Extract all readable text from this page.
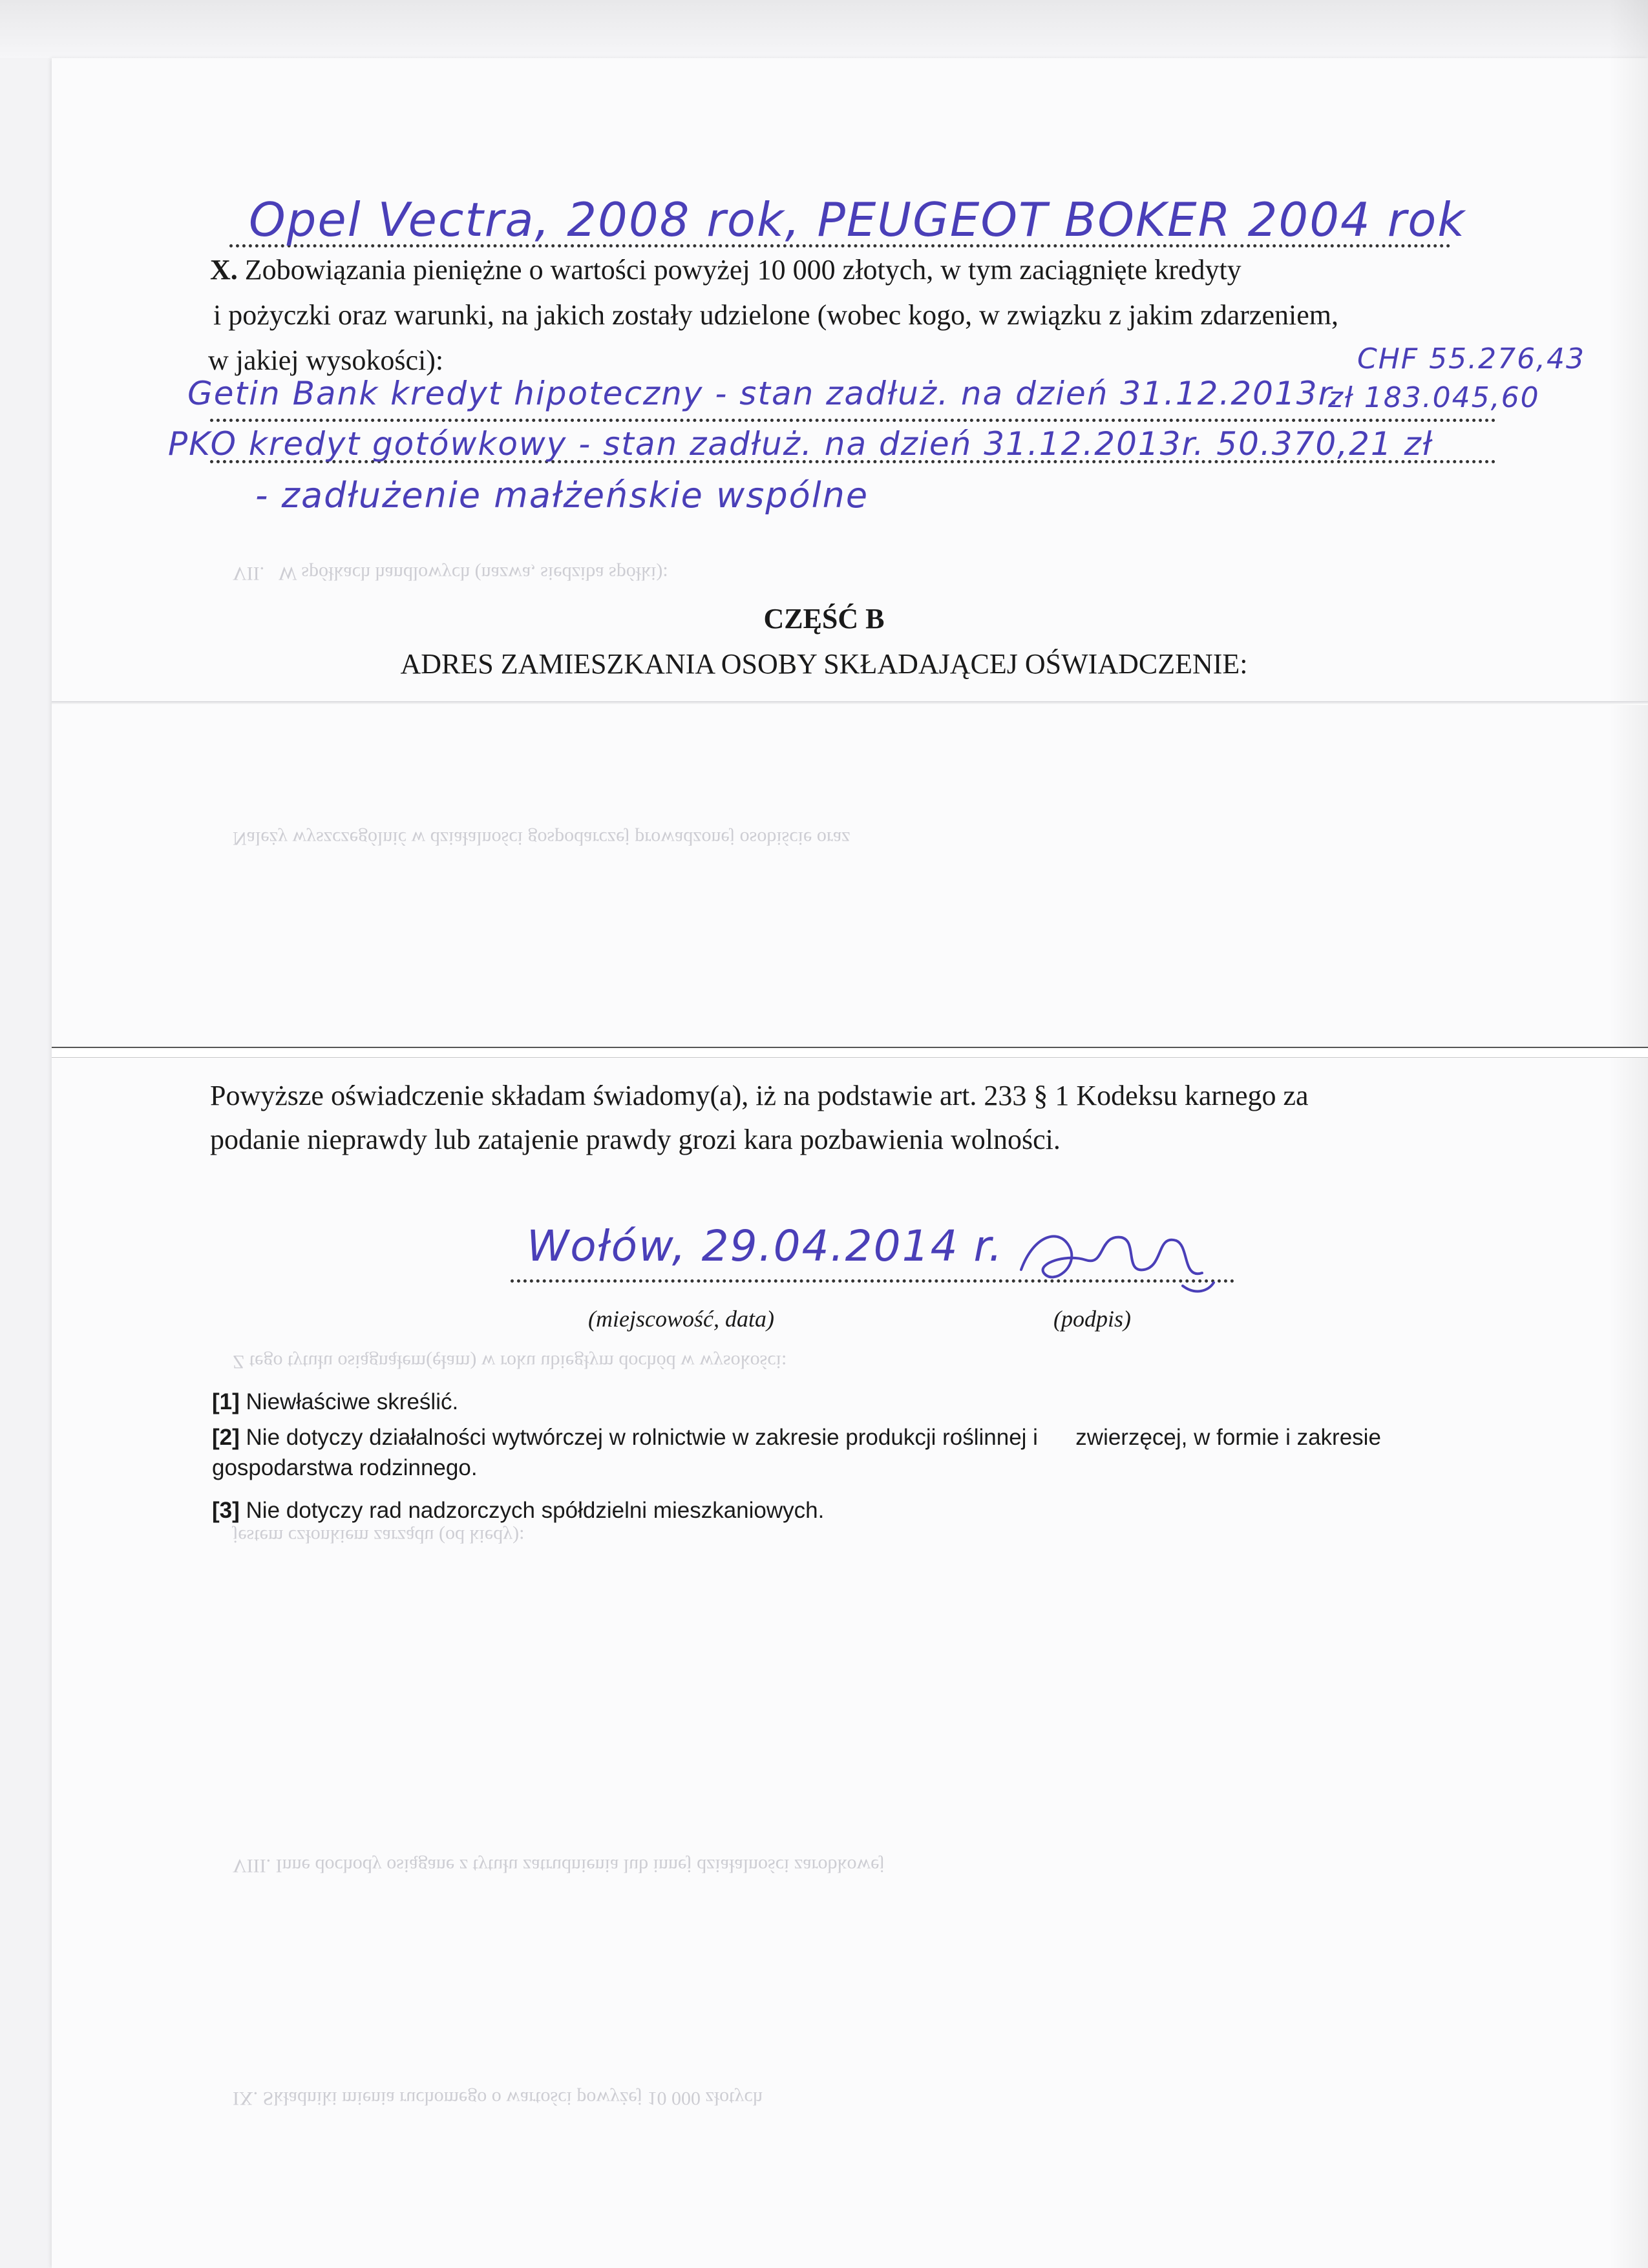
VII.   W spółkach handlowych (nazwa, siedziba spółki):
Należy wyszczególnić w działalności gospodarczej prowadzonej osobiście oraz
Z tego tytułu osiągnąłem(ęłam) w roku ubiegłym dochód w wysokości:
jestem członkiem zarządu (od kiedy):
VIII. Inne dochody osiągane z tytułu zatrudnienia lub innej działalności zarobkowej
IX. Składniki mienia ruchomego o wartości powyżej 10 000 złotych
Opel Vectra, 2008 rok, PEUGEOT BOKER 2004 rok
X. Zobowiązania pieniężne o wartości powyżej 10 000 złotych, w tym zaciągnięte kredyty
i pożyczki oraz warunki, na jakich zostały udzielone (wobec kogo, w związku z jakim zdarzeniem,
w jakiej wysokości):	CHF 55.276,43
Getin Bank kredyt hipoteczny - stan zadłuż. na dzień 31.12.2013r.
zł 183.045,60
PKO kredyt gotówkowy - stan zadłuż. na dzień 31.12.2013r. 50.370,21 zł
- zadłużenie małżeńskie wspólne
CZĘŚĆ B
ADRES ZAMIESZKANIA OSOBY SKŁADAJĄCEJ OŚWIADCZENIE:
Powyższe oświadczenie składam świadomy(a), iż na podstawie art. 233 § 1 Kodeksu karnego za
podanie nieprawdy lub zatajenie prawdy grozi kara pozbawienia wolności.
Wołów, 29.04.2014 r.
(miejscowość, data)	(podpis)
[1] Niewłaściwe skreślić.
[2] Nie dotyczy działalności wytwórczej w rolnictwie w zakresie produkcji roślinnej i      zwierzęcej, w formie i zakresie
gospodarstwa rodzinnego.
[3] Nie dotyczy rad nadzorczych spółdzielni mieszkaniowych.
